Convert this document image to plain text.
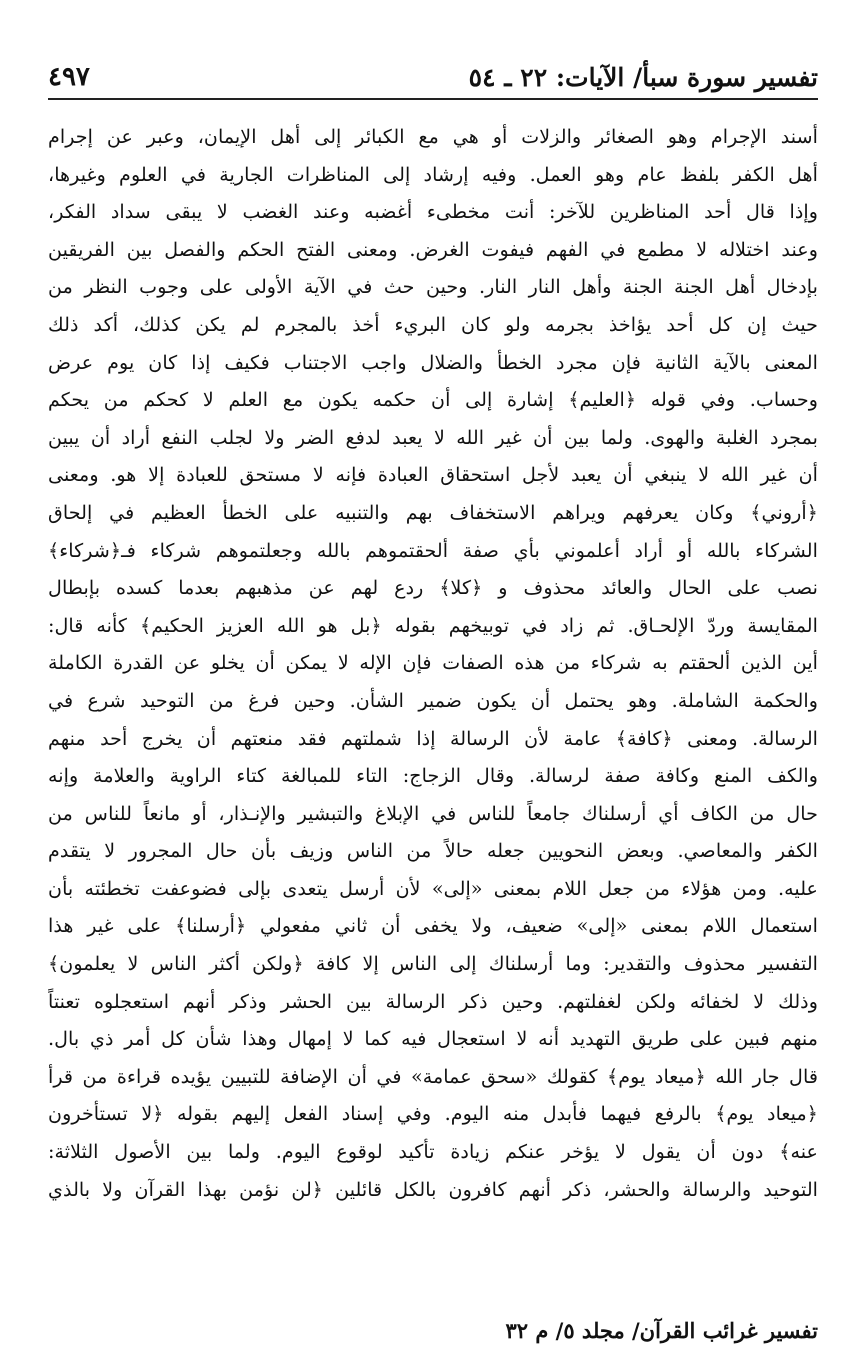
تفسير سورة سبأ/ الآيات: ٢٢ ـ ٥٤
٤٩٧
أسند الإجرام وهو الصغائر والزلات أو هي مع الكبائر إلى أهل الإيمان، وعبر عن إجرام
أهل الكفر بلفظ عام وهو العمل. وفيه إرشاد إلى المناظرات الجارية في العلوم وغيرها،
وإذا قال أحد المناظرين للآخر: أنت مخطىء أغضبه وعند الغضب لا يبقى سداد الفكر،
وعند اختلاله لا مطمع في الفهم فيفوت الغرض. ومعنى الفتح الحكم والفصل بين الفريقين
بإدخال أهل الجنة الجنة وأهل النار النار. وحين حث في الآية الأولى على وجوب النظر من
حيث إن كل أحد يؤاخذ بجرمه ولو كان البريء أخذ بالمجرم لم يكن كذلك، أكد ذلك
المعنى بالآية الثانية فإن مجرد الخطأ والضلال واجب الاجتناب فكيف إذا كان يوم عرض
وحساب. وفي قوله ﴿العليم﴾ إشارة إلى أن حكمه يكون مع العلم لا كحكم من يحكم
بمجرد الغلبة والهوى. ولما بين أن غير الله لا يعبد لدفع الضر ولا لجلب النفع أراد أن يبين
أن غير الله لا ينبغي أن يعبد لأجل استحقاق العبادة فإنه لا مستحق للعبادة إلا هو. ومعنى
﴿أروني﴾ وكان يعرفهم ويراهم الاستخفاف بهم والتنبيه على الخطأ العظيم في إلحاق
الشركاء بالله أو أراد أعلموني بأي صفة ألحقتموهم بالله وجعلتموهم شركاء فـ﴿شركاء﴾
نصب على الحال والعائد محذوف و ﴿كلا﴾ ردع لهم عن مذهبهم بعدما كسده بإبطال
المقايسة وردّ الإلحـاق. ثم زاد في توبيخهم بقوله ﴿بل هو الله العزيز الحكيم﴾ كأنه قال:
أين الذين ألحقتم به شركاء من هذه الصفات فإن الإله لا يمكن أن يخلو عن القدرة الكاملة
والحكمة الشاملة. وهو يحتمل أن يكون ضمير الشأن. وحين فرغ من التوحيد شرع في
الرسالة. ومعنى ﴿كافة﴾ عامة لأن الرسالة إذا شملتهم فقد منعتهم أن يخرج أحد منهم
والكف المنع وكافة صفة لرسالة. وقال الزجاج: التاء للمبالغة كتاء الراوية والعلامة وإنه
حال من الكاف أي أرسلناك جامعاً للناس في الإبلاغ والتبشير والإنـذار، أو مانعاً للناس من
الكفر والمعاصي. وبعض النحويين جعله حالاً من الناس وزيف بأن حال المجرور لا يتقدم
عليه. ومن هؤلاء من جعل اللام بمعنى «إلى» لأن أرسل يتعدى بإلى فضوعفت تخطئته بأن
استعمال اللام بمعنى «إلى» ضعيف، ولا يخفى أن ثاني مفعولي ﴿أرسلنا﴾ على غير هذا
التفسير محذوف والتقدير: وما أرسلناك إلى الناس إلا كافة ﴿ولكن أكثر الناس لا يعلمون﴾
وذلك لا لخفائه ولكن لغفلتهم. وحين ذكر الرسالة بين الحشر وذكر أنهم استعجلوه تعنتاً
منهم فبين على طريق التهديد أنه لا استعجال فيه كما لا إمهال وهذا شأن كل أمر ذي بال.
قال جار الله ﴿ميعاد يوم﴾ كقولك «سحق عمامة» في أن الإضافة للتبيين يؤيده قراءة من قرأ
﴿ميعاد يوم﴾ بالرفع فيهما فأبدل منه اليوم. وفي إسناد الفعل إليهم بقوله ﴿لا تستأخرون
عنه﴾ دون أن يقول لا يؤخر عنكم زيادة تأكيد لوقوع اليوم. ولما بين الأصول الثلاثة:
التوحيد والرسالة والحشر، ذكر أنهم كافرون بالكل قائلين ﴿لن نؤمن بهذا القرآن ولا بالذي
تفسير غرائب القرآن/ مجلد ٥/ م ٣٢
